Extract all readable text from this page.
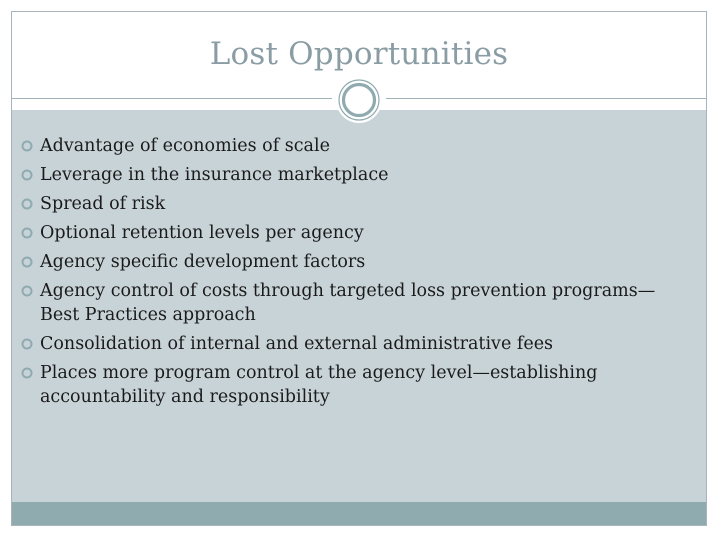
Lost Opportunities
Advantage of economies of scale
Leverage in the insurance marketplace
Spread of risk
Optional retention levels per agency
Agency specific development factors
Agency control of costs through targeted loss prevention programs—Best Practices approach
Consolidation of internal and external administrative fees
Places more program control at the agency level—establishing accountability and responsibility
